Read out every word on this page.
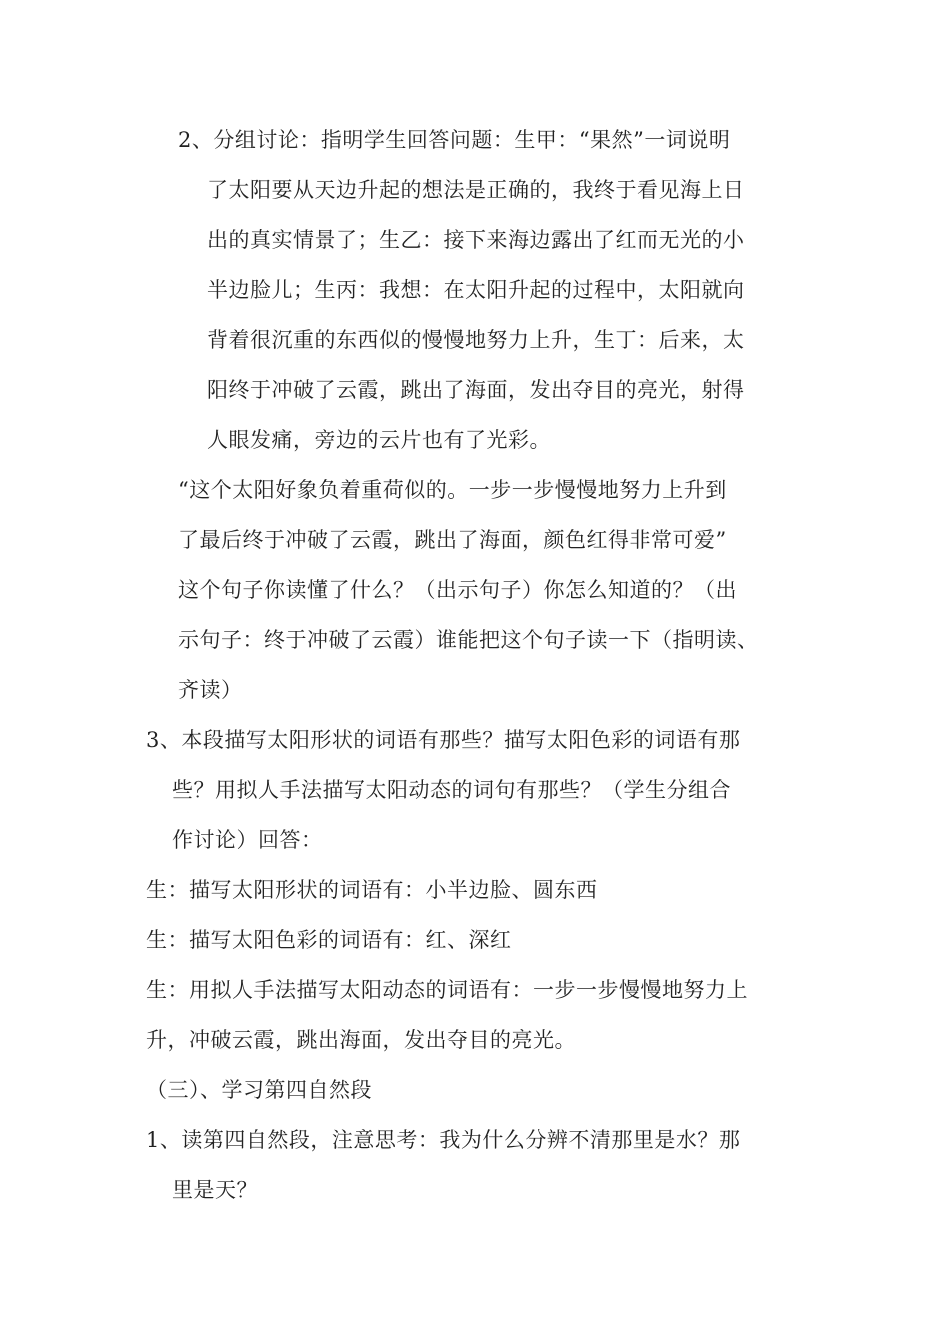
2、分组讨论：指明学生回答问题：生甲：“果然”一词说明
了太阳要从天边升起的想法是正确的，我终于看见海上日
出的真实情景了；生乙：接下来海边露出了红而无光的小
半边脸儿；生丙：我想：在太阳升起的过程中，太阳就向
背着很沉重的东西似的慢慢地努力上升，生丁：后来，太
阳终于冲破了云霞，跳出了海面，发出夺目的亮光，射得
人眼发痛，旁边的云片也有了光彩。
“这个太阳好象负着重荷似的。一步一步慢慢地努力上升到
了最后终于冲破了云霞，跳出了海面，颜色红得非常可爱”
这个句子你读懂了什么？（出示句子）你怎么知道的？（出
示句子：终于冲破了云霞）谁能把这个句子读一下（指明读、
齐读）
3、本段描写太阳形状的词语有那些？描写太阳色彩的词语有那
些？用拟人手法描写太阳动态的词句有那些？（学生分组合
作讨论）回答：
生：描写太阳形状的词语有：小半边脸、圆东西
生：描写太阳色彩的词语有：红、深红
生：用拟人手法描写太阳动态的词语有：一步一步慢慢地努力上
升，冲破云霞，跳出海面，发出夺目的亮光。
（三）、学习第四自然段
1、读第四自然段，注意思考：我为什么分辨不清那里是水？那
里是天？
